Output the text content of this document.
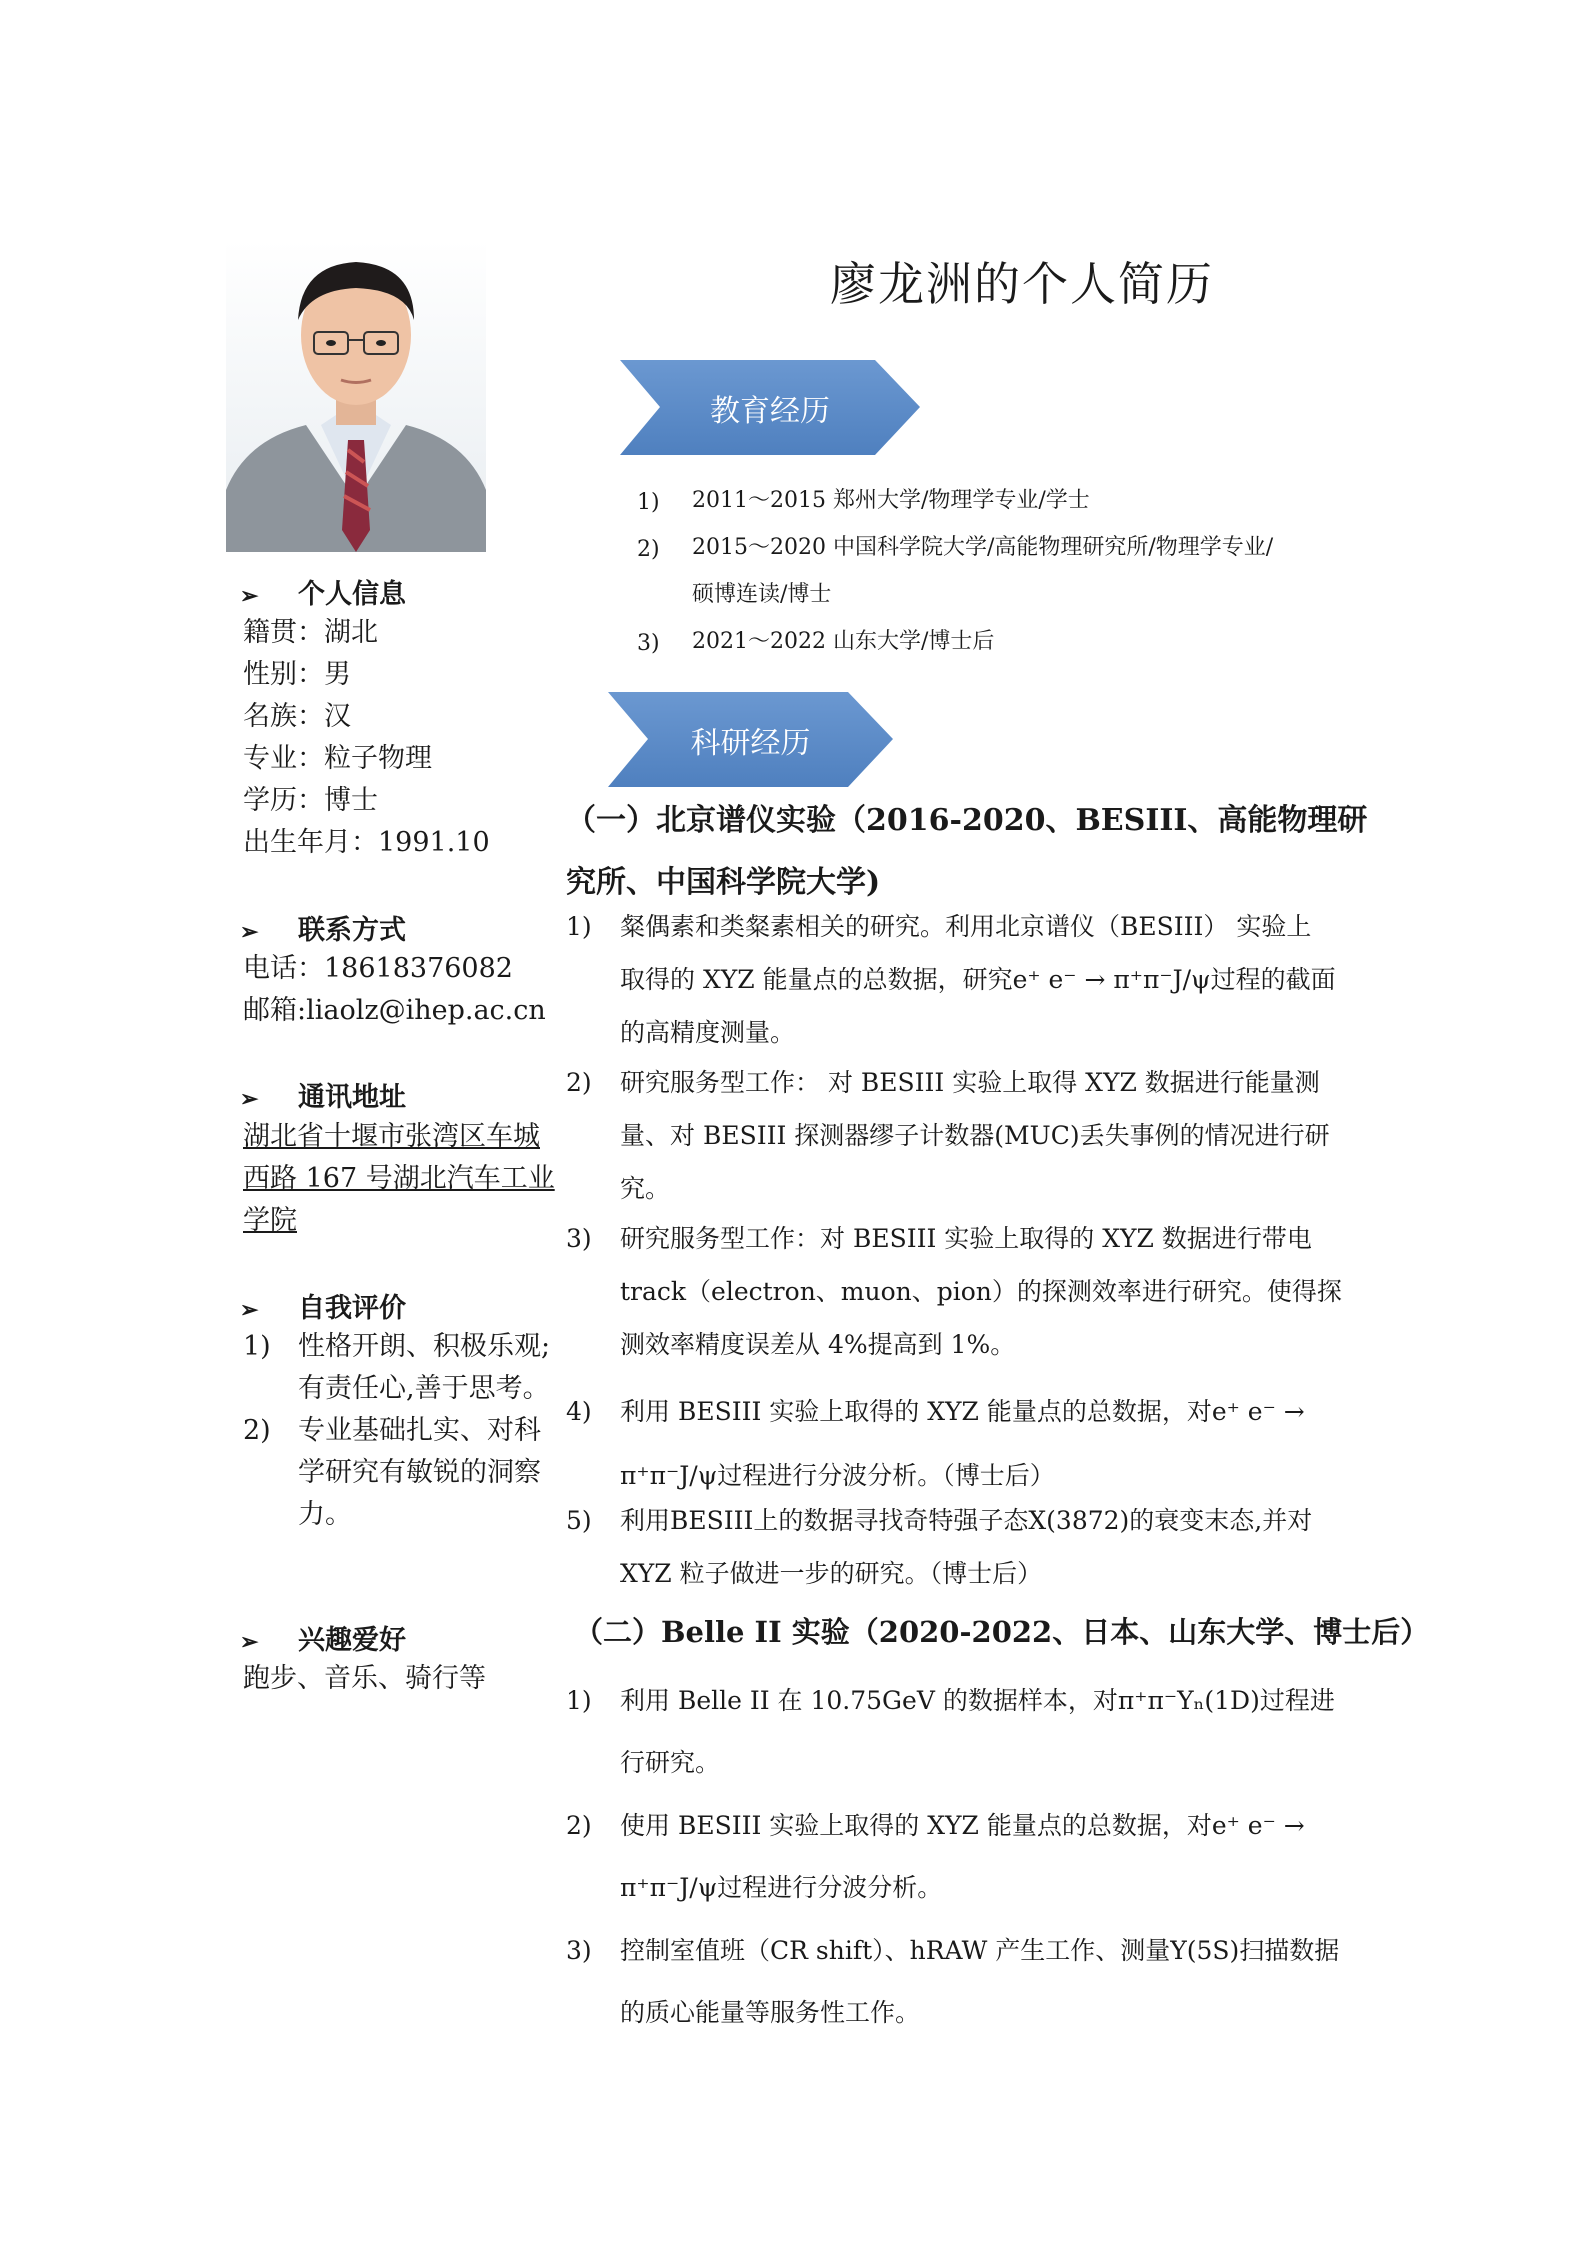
廖龙洲的个人简历
➢ 个人信息
籍贯：湖北
性别：男
名族：汉
专业：粒子物理
学历：博士
出生年月：1991.10
➢ 联系方式
电话：18618376082
邮箱:liaolz@ihep.ac.cn
➢ 通讯地址
湖北省十堰市张湾区车城
西路 167 号湖北汽车工业
学院
➢ 自我评价
1) 性格开朗、积极乐观;
有责任心,善于思考。
2) 专业基础扎实、对科
学研究有敏锐的洞察
力。
➢ 兴趣爱好
跑步、音乐、骑行等
教育经历
1) 2011～2015 郑州大学/物理学专业/学士
2) 2015～2020 中国科学院大学/高能物理研究所/物理学专业/
硕博连读/博士
3) 2021～2022 山东大学/博士后
科研经历
（一）北京谱仪实验（2016-2020、BESIII、高能物理研
究所、中国科学院大学)
1)	粲偶素和类粲素相关的研究。利用北京谱仪（BESIII） 实验上
取得的 XYZ 能量点的总数据，研究e⁺ e⁻ → π⁺π⁻J/ψ过程的截面
的高精度测量。
2)	研究服务型工作： 对 BESIII 实验上取得 XYZ 数据进行能量测
量、对 BESIII 探测器缪子计数器(MUC)丢失事例的情况进行研
究。
3)	研究服务型工作：对 BESIII 实验上取得的 XYZ 数据进行带电
track（electron、muon、pion）的探测效率进行研究。使得探
测效率精度误差从 4%提高到 1%。
4)	利用 BESIII 实验上取得的 XYZ 能量点的总数据，对e⁺ e⁻ →
π⁺π⁻J/ψ过程进行分波分析。（博士后）
5)	利用BESIII上的数据寻找奇特强子态X(3872)的衰变末态,并对
XYZ 粒子做进一步的研究。（博士后）
（二）Belle II 实验（2020-2022、日本、山东大学、博士后）
1)	利用 Belle II 在 10.75GeV 的数据样本，对π⁺π⁻Υₙ(1D)过程进
行研究。
2)	使用 BESIII 实验上取得的 XYZ 能量点的总数据，对e⁺ e⁻ →
π⁺π⁻J/ψ过程进行分波分析。
3)	控制室值班（CR shift）、hRAW 产生工作、测量Υ(5S)扫描数据
的质心能量等服务性工作。
